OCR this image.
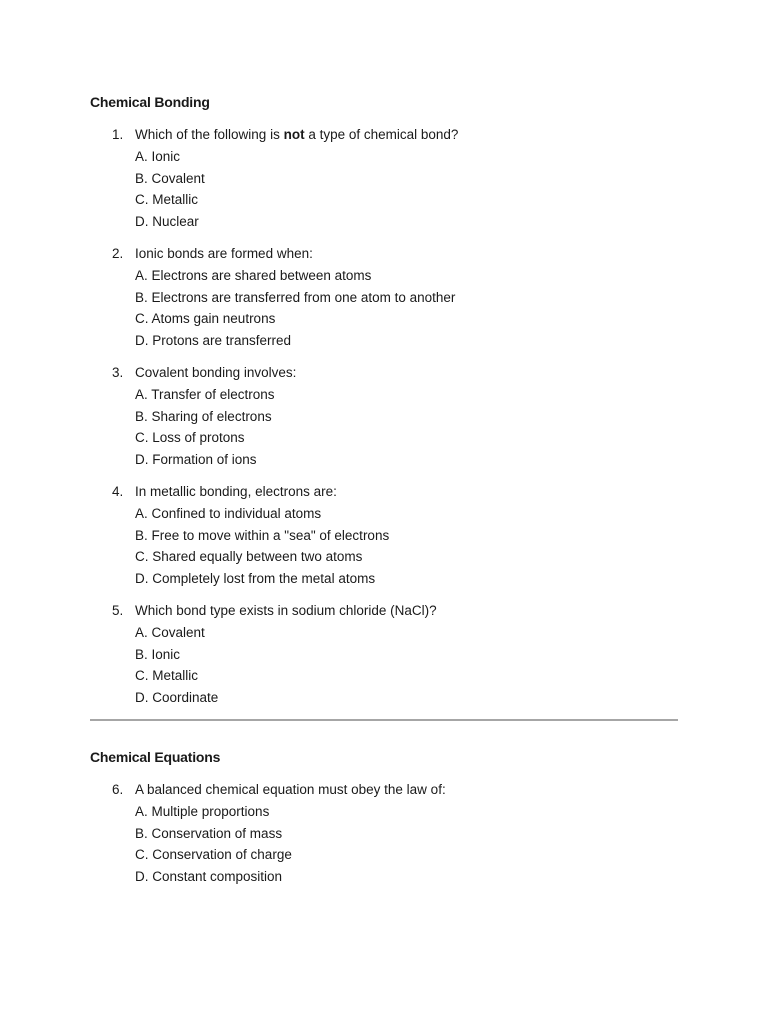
Chemical Bonding
1. Which of the following is not a type of chemical bond?
A. Ionic
B. Covalent
C. Metallic
D. Nuclear
2. Ionic bonds are formed when:
A. Electrons are shared between atoms
B. Electrons are transferred from one atom to another
C. Atoms gain neutrons
D. Protons are transferred
3. Covalent bonding involves:
A. Transfer of electrons
B. Sharing of electrons
C. Loss of protons
D. Formation of ions
4. In metallic bonding, electrons are:
A. Confined to individual atoms
B. Free to move within a "sea" of electrons
C. Shared equally between two atoms
D. Completely lost from the metal atoms
5. Which bond type exists in sodium chloride (NaCl)?
A. Covalent
B. Ionic
C. Metallic
D. Coordinate
Chemical Equations
6. A balanced chemical equation must obey the law of:
A. Multiple proportions
B. Conservation of mass
C. Conservation of charge
D. Constant composition
